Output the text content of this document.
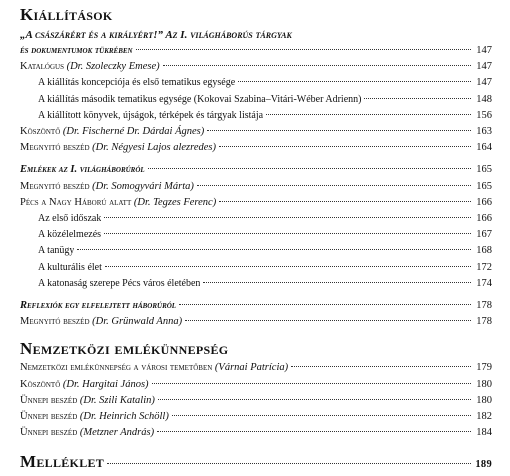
Kiállítások
„A császárért és a királyért!” Az I. világháborús tárgyak
és dokumentumok tükrében	147
Katalógus (Dr. Szoleczky Emese)	147
A kiállítás koncepciója és első tematikus egysége	147
A kiállítás második tematikus egysége (Kokovai Szabina–Vitári-Wéber Adrienn)	148
A kiállított könyvek, újságok, térképek és tárgyak listája	156
Köszöntő (Dr. Fischerné Dr. Dárdai Ágnes)	163
Megnyitó beszéd (Dr. Négyesi Lajos alezredes)	164
Emlékek az I. világháborúról	165
Megnyitó beszéd (Dr. Somogyvári Márta)	165
Pécs a Nagy Háború alatt (Dr. Tegzes Ferenc)	166
Az első időszak	166
A közélelmezés	167
A tanügy	168
A kulturális élet	172
A katonaság szerepe Pécs város életében	174
Reflexiók egy elfelejtett háborúról	178
Megnyitó beszéd (Dr. Grünwald Anna)	178
Nemzetközi emlékünnepség
Nemzetközi emlékünnepség a városi temetőben (Várnai Patrícia)	179
Köszöntő (Dr. Hargitai János)	180
Ünnepi beszéd (Dr. Szili Katalin)	180
Ünnepi beszéd (Dr. Heinrich Schöll)	182
Ünnepi beszéd (Metzner András)	184
Melléklet	189
